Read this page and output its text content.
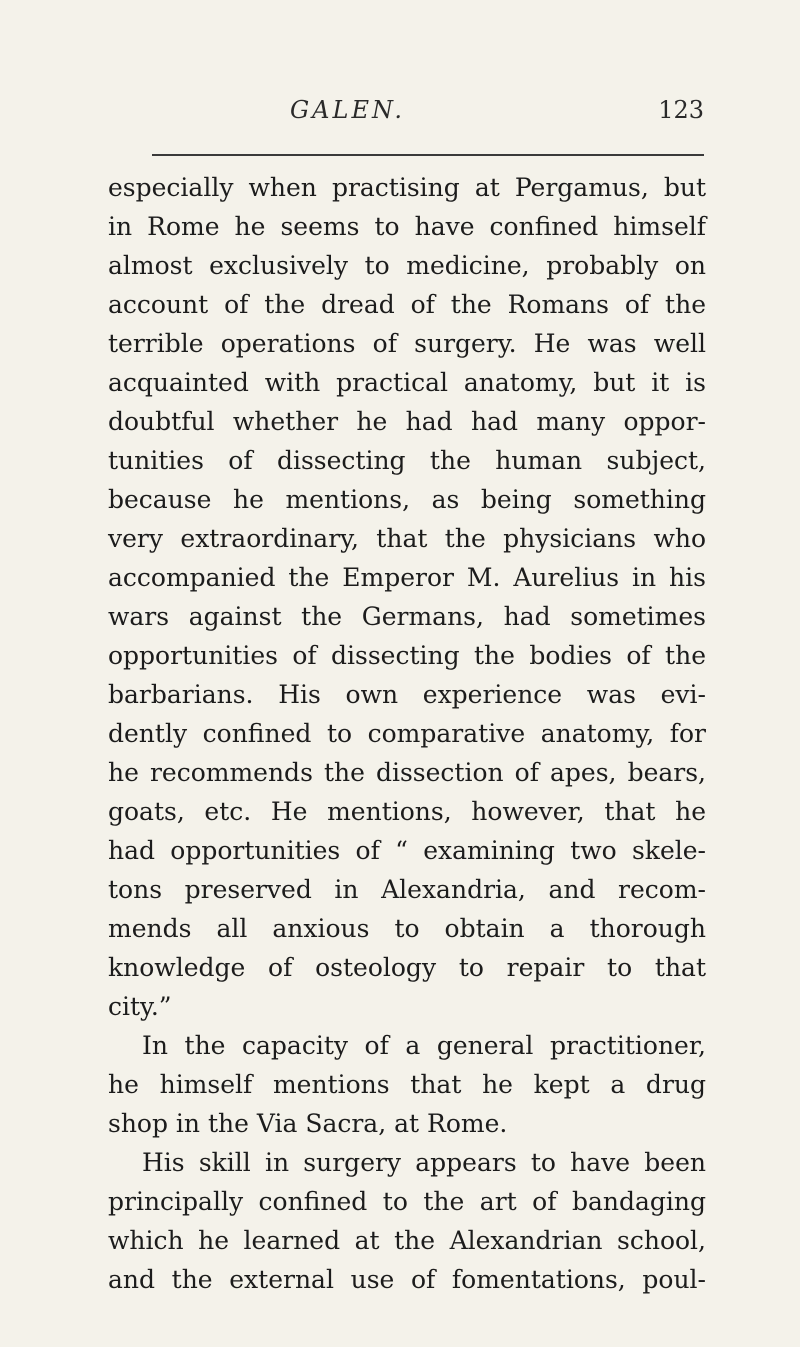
GALEN.	123
especially when practising at Pergamus, but
in Rome he seems to have confined himself
almost exclusively to medicine, probably on
account of the dread of the Romans of the
terrible operations of surgery. He was well
acquainted with practical anatomy, but it is
doubtful whether he had had many oppor-
tunities of dissecting the human subject,
because he mentions, as being something
very extraordinary, that the physicians who
accompanied the Emperor M. Aurelius in his
wars against the Germans, had sometimes
opportunities of dissecting the bodies of the
barbarians. His own experience was evi-
dently confined to comparative anatomy, for
he recommends the dissection of apes, bears,
goats, etc. He mentions, however, that he
had opportunities of “ examining two skele-
tons preserved in Alexandria, and recom-
mends all anxious to obtain a thorough
knowledge of osteology to repair to that
city.”
In the capacity of a general practitioner,
he himself mentions that he kept a drug
shop in the Via Sacra, at Rome.
His skill in surgery appears to have been
principally confined to the art of bandaging
which he learned at the Alexandrian school,
and the external use of fomentations, poul-
